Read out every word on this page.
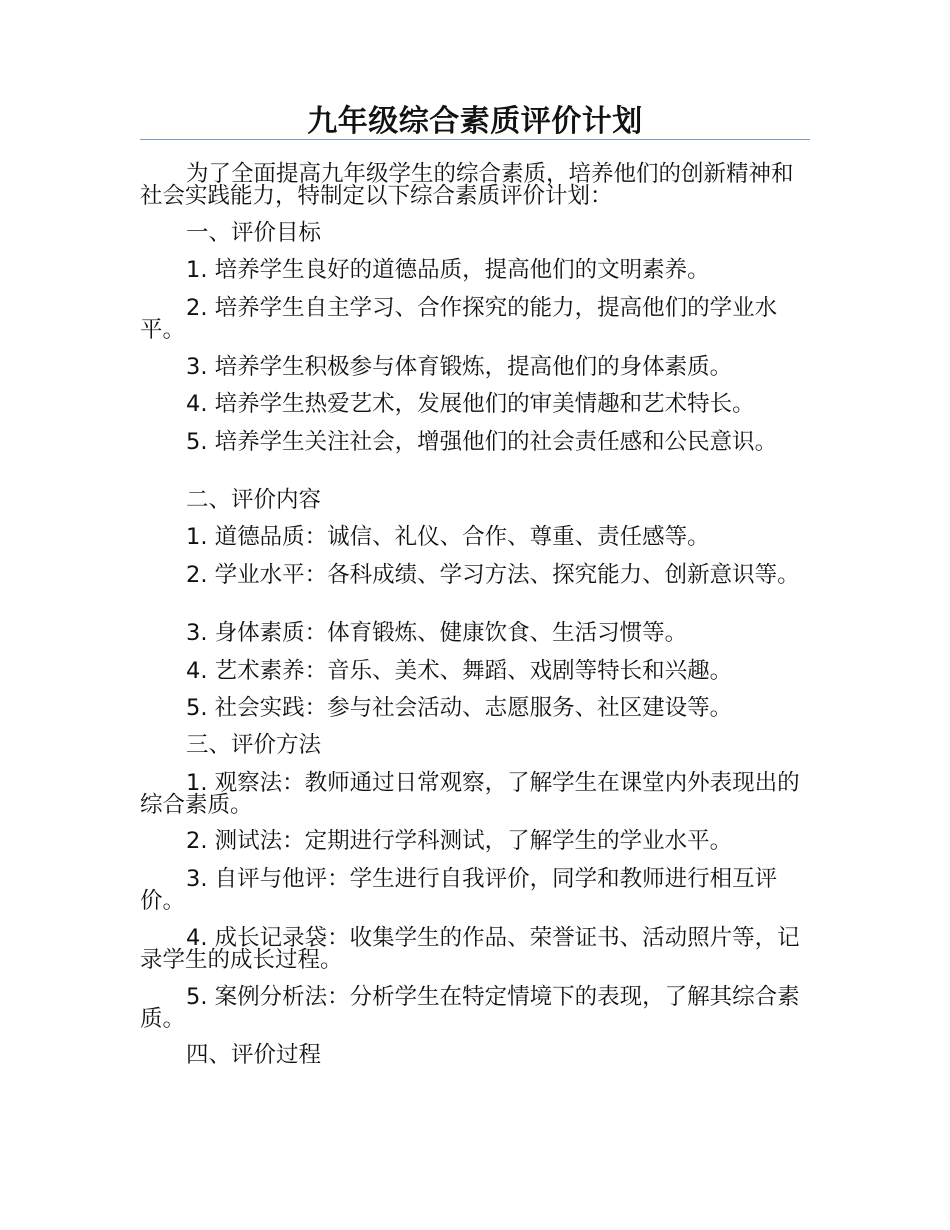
九年级综合素质评价计划

为了全面提高九年级学生的综合素质，培养他们的创新精神和社会实践能力，特制定以下综合素质评价计划：

一、评价目标

1. 培养学生良好的道德品质，提高他们的文明素养。

2. 培养学生自主学习、合作探究的能力，提高他们的学业水平。

3. 培养学生积极参与体育锻炼，提高他们的身体素质。

4. 培养学生热爱艺术，发展他们的审美情趣和艺术特长。

5. 培养学生关注社会，增强他们的社会责任感和公民意识。

二、评价内容

1. 道德品质：诚信、礼仪、合作、尊重、责任感等。

2. 学业水平：各科成绩、学习方法、探究能力、创新意识等。

3. 身体素质：体育锻炼、健康饮食、生活习惯等。

4. 艺术素养：音乐、美术、舞蹈、戏剧等特长和兴趣。

5. 社会实践：参与社会活动、志愿服务、社区建设等。

三、评价方法

1. 观察法：教师通过日常观察，了解学生在课堂内外表现出的综合素质。

2. 测试法：定期进行学科测试，了解学生的学业水平。

3. 自评与他评：学生进行自我评价，同学和教师进行相互评价。

4. 成长记录袋：收集学生的作品、荣誉证书、活动照片等，记录学生的成长过程。

5. 案例分析法：分析学生在特定情境下的表现，了解其综合素质。

四、评价过程
